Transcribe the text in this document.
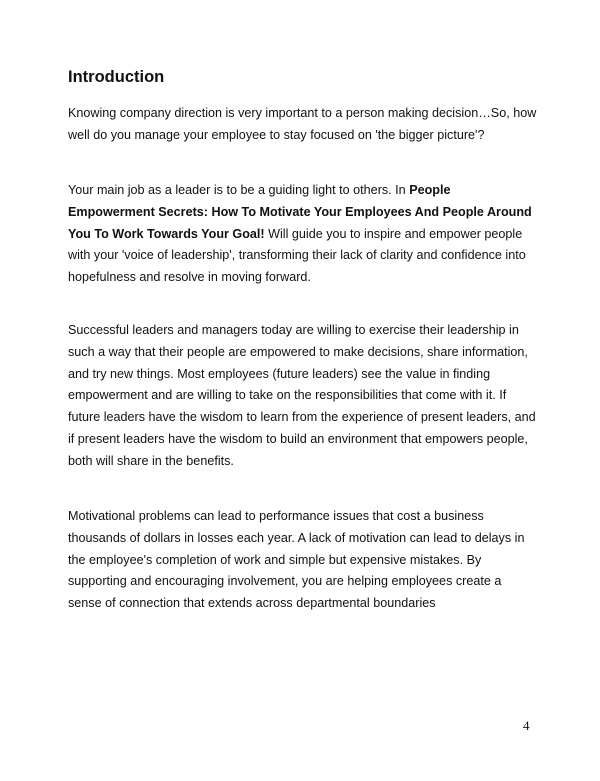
Introduction

Knowing company direction is very important to a person making decision…So, how well do you manage your employee to stay focused on 'the bigger picture'?

Your main job as a leader is to be a guiding light to others. In People Empowerment Secrets: How To Motivate Your Employees And People Around You To Work Towards Your Goal! Will guide you to inspire and empower people with your 'voice of leadership', transforming their lack of clarity and confidence into hopefulness and resolve in moving forward.

Successful leaders and managers today are willing to exercise their leadership in such a way that their people are empowered to make decisions, share information, and try new things. Most employees (future leaders) see the value in finding empowerment and are willing to take on the responsibilities that come with it. If future leaders have the wisdom to learn from the experience of present leaders, and if present leaders have the wisdom to build an environment that empowers people, both will share in the benefits.

Motivational problems can lead to performance issues that cost a business thousands of dollars in losses each year. A lack of motivation can lead to delays in the employee's completion of work and simple but expensive mistakes. By supporting and encouraging involvement, you are helping employees create a sense of connection that extends across departmental boundaries

4
